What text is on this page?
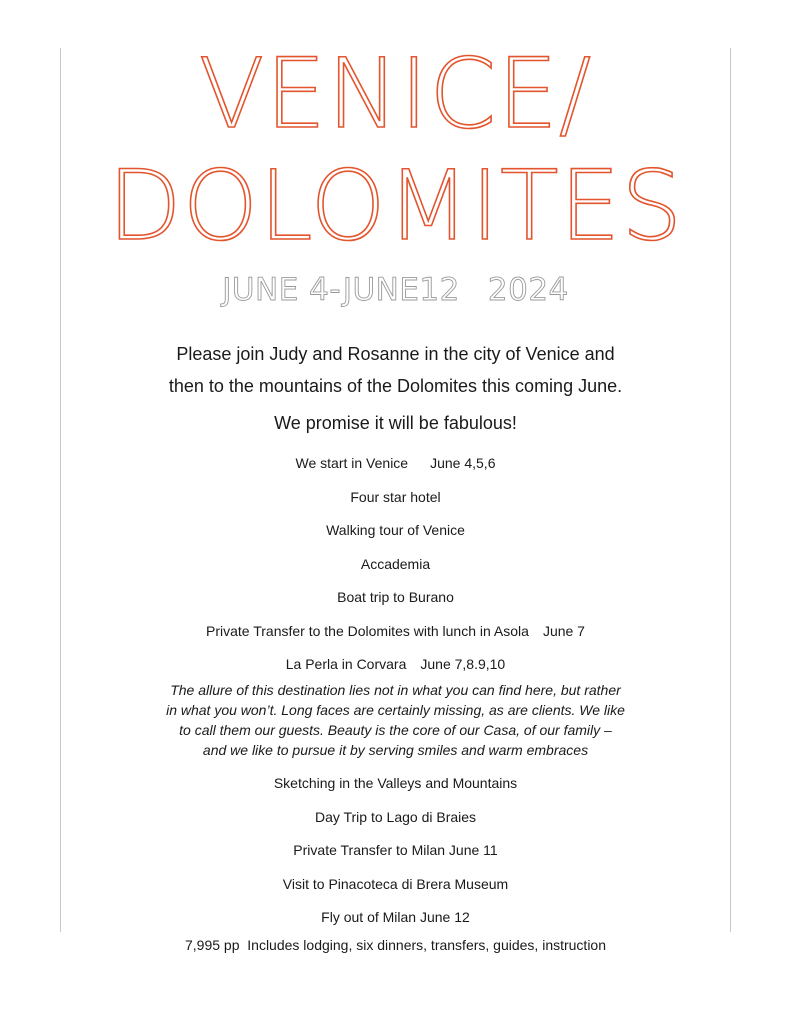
VENICE/
DOLOMITES
JUNE 4-JUNE12 2024
Please join Judy and Rosanne in the city of Venice and
then to the mountains of the Dolomites this coming June.
We promise it will be fabulous!
We start in Venice June 4,5,6
Four star hotel
Walking tour of Venice
Accademia
Boat trip to Burano
Private Transfer to the Dolomites with lunch in Asola June 7
La Perla in Corvara June 7,8.9,10
The allure of this destination lies not in what you can find here, but rather
in what you won’t. Long faces are certainly missing, as are clients. We like
to call them our guests. Beauty is the core of our Casa, of our family –
and we like to pursue it by serving smiles and warm embraces
Sketching in the Valleys and Mountains
Day Trip to Lago di Braies
Private Transfer to Milan June 11
Visit to Pinacoteca di Brera Museum
Fly out of Milan June 12
7,995 pp Includes lodging, six dinners, transfers, guides, instruction
